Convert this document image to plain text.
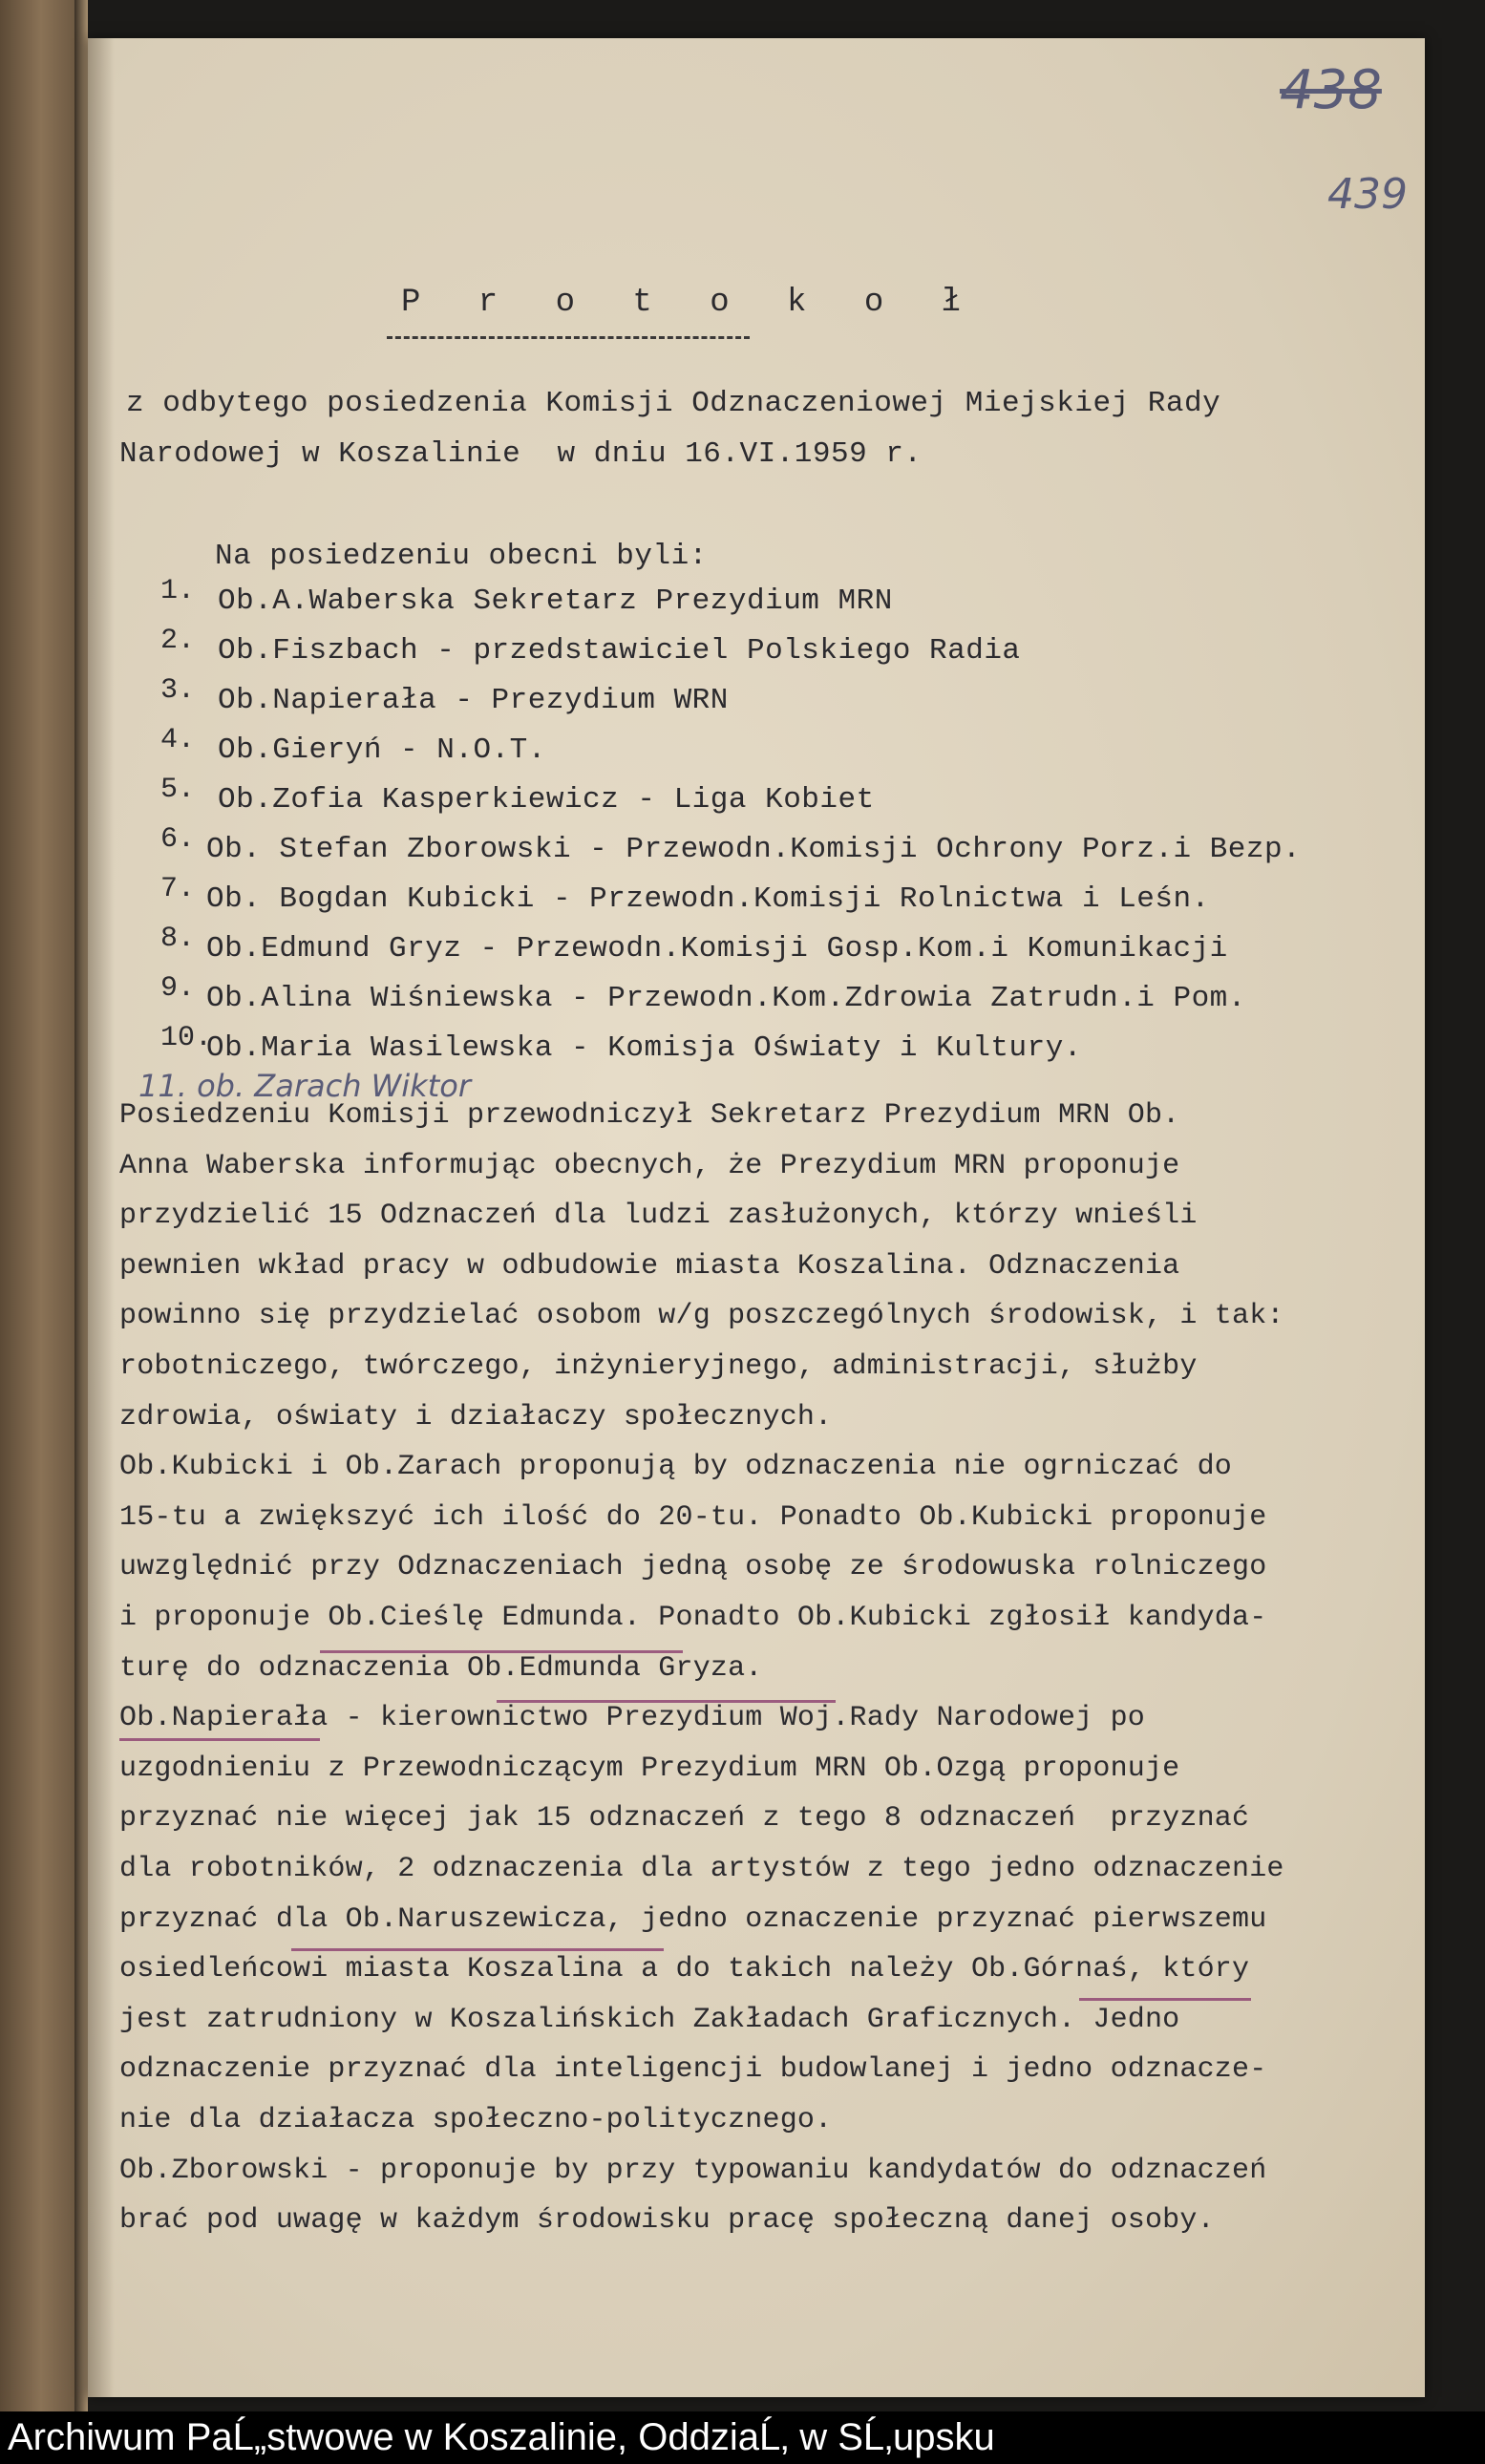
438
439
P r o t o k o ł
z odbytego posiedzenia Komisji Odznaczeniowej Miejskiej Rady
Narodowej w Koszalinie  w dniu 16.VI.1959 r.
Na posiedzeniu obecni byli:
1. Ob.A.Waberska Sekretarz Prezydium MRN
2. Ob.Fiszbach - przedstawiciel Polskiego Radia
3. Ob.Napierała - Prezydium WRN
4. Ob.Gieryń - N.O.T.
5. Ob.Zofia Kasperkiewicz - Liga Kobiet
6. Ob. Stefan Zborowski - Przewodn.Komisji Ochrony Porz.i Bezp.
7. Ob. Bogdan Kubicki - Przewodn.Komisji Rolnictwa i Leśn.
8. Ob.Edmund Gryz - Przewodn.Komisji Gosp.Kom.i Komunikacji
9. Ob.Alina Wiśniewska - Przewodn.Kom.Zdrowia Zatrudn.i Pom.
10.
Ob.Maria Wasilewska - Komisja Oświaty i Kultury.
11. ob. Zarach Wiktor
Posiedzeniu Komisji przewodniczył Sekretarz Prezydium MRN Ob.
Anna Waberska informując obecnych, że Prezydium MRN proponuje
przydzielić 15 Odznaczeń dla ludzi zasłużonych, którzy wnieśli
pewnien wkład pracy w odbudowie miasta Koszalina. Odznaczenia
powinno się przydzielać osobom w/g poszczególnych środowisk, i tak:
robotniczego, twórczego, inżynieryjnego, administracji, służby
zdrowia, oświaty i działaczy społecznych.
Ob.Kubicki i Ob.Zarach proponują by odznaczenia nie ogrniczać do
15-tu a zwiększyć ich ilość do 20-tu. Ponadto Ob.Kubicki proponuje
uwzględnić przy Odznaczeniach jedną osobę ze środowuska rolniczego
i proponuje Ob.Cieślę Edmunda. Ponadto Ob.Kubicki zgłosił kandyda-
turę do odznaczenia Ob.Edmunda Gryza.
Ob.Napierała - kierownictwo Prezydium Woj.Rady Narodowej po
uzgodnieniu z Przewodniczącym Prezydium MRN Ob.Ozgą proponuje
przyznać nie więcej jak 15 odznaczeń z tego 8 odznaczeń  przyznać
dla robotników, 2 odznaczenia dla artystów z tego jedno odznaczenie
przyznać dla Ob.Naruszewicza, jedno oznaczenie przyznać pierwszemu
osiedleńcowi miasta Koszalina a do takich należy Ob.Górnaś, który
jest zatrudniony w Koszalińskich Zakładach Graficznych. Jedno
odznaczenie przyznać dla inteligencji budowlanej i jedno odznacze-
nie dla działacza społeczno-politycznego.
Ob.Zborowski - proponuje by przy typowaniu kandydatów do odznaczeń
brać pod uwagę w każdym środowisku pracę społeczną danej osoby.
Archiwum PaĹ„stwowe w Koszalinie, OddziaĹ‚ w SĹ‚upsku
